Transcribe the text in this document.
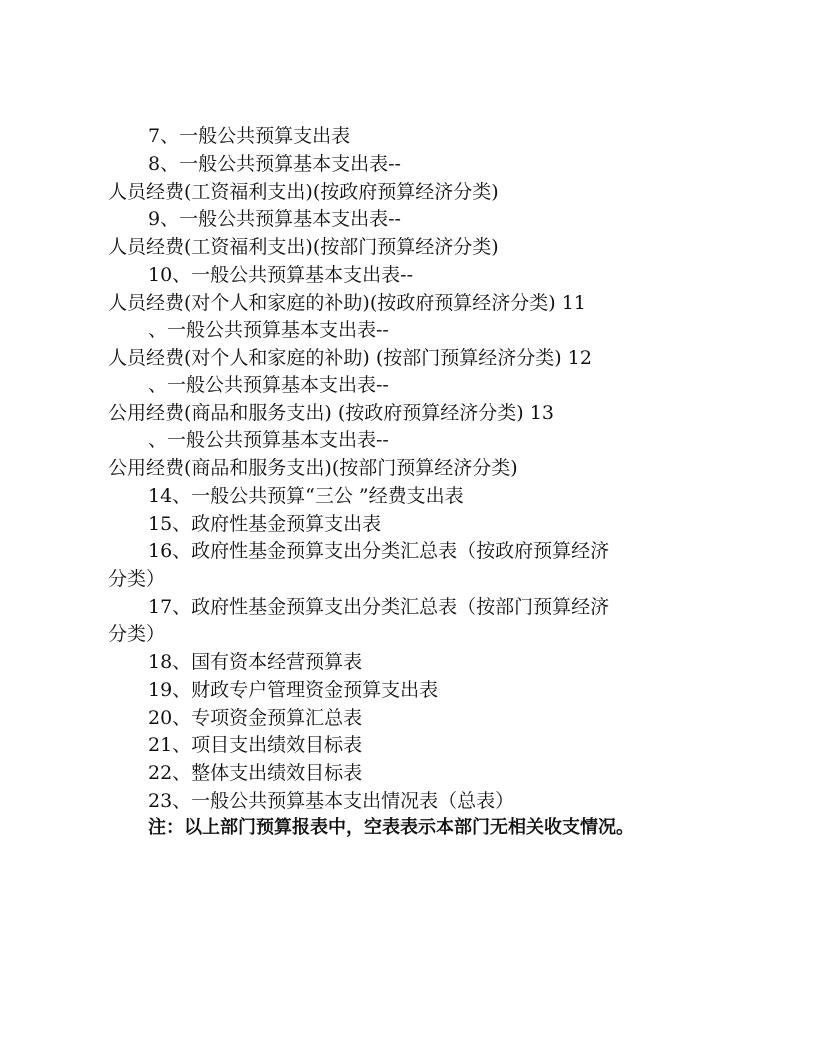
7、一般公共预算支出表
8、一般公共预算基本支出表--
人员经费(工资福利支出)(按政府预算经济分类)
9、一般公共预算基本支出表--
人员经费(工资福利支出)(按部门预算经济分类)
10、一般公共预算基本支出表--
人员经费(对个人和家庭的补助)(按政府预算经济分类) 11
、一般公共预算基本支出表--
人员经费(对个人和家庭的补助) (按部门预算经济分类) 12
、一般公共预算基本支出表--
公用经费(商品和服务支出) (按政府预算经济分类) 13
、一般公共预算基本支出表--
公用经费(商品和服务支出)(按部门预算经济分类)
14、一般公共预算“三公 ”经费支出表
15、政府性基金预算支出表
16、政府性基金预算支出分类汇总表（按政府预算经济
分类）
17、政府性基金预算支出分类汇总表（按部门预算经济
分类）
18、国有资本经营预算表
19、财政专户管理资金预算支出表
20、专项资金预算汇总表
21、项目支出绩效目标表
22、整体支出绩效目标表
23、一般公共预算基本支出情况表（总表）
注：以上部门预算报表中，空表表示本部门无相关收支情况。
